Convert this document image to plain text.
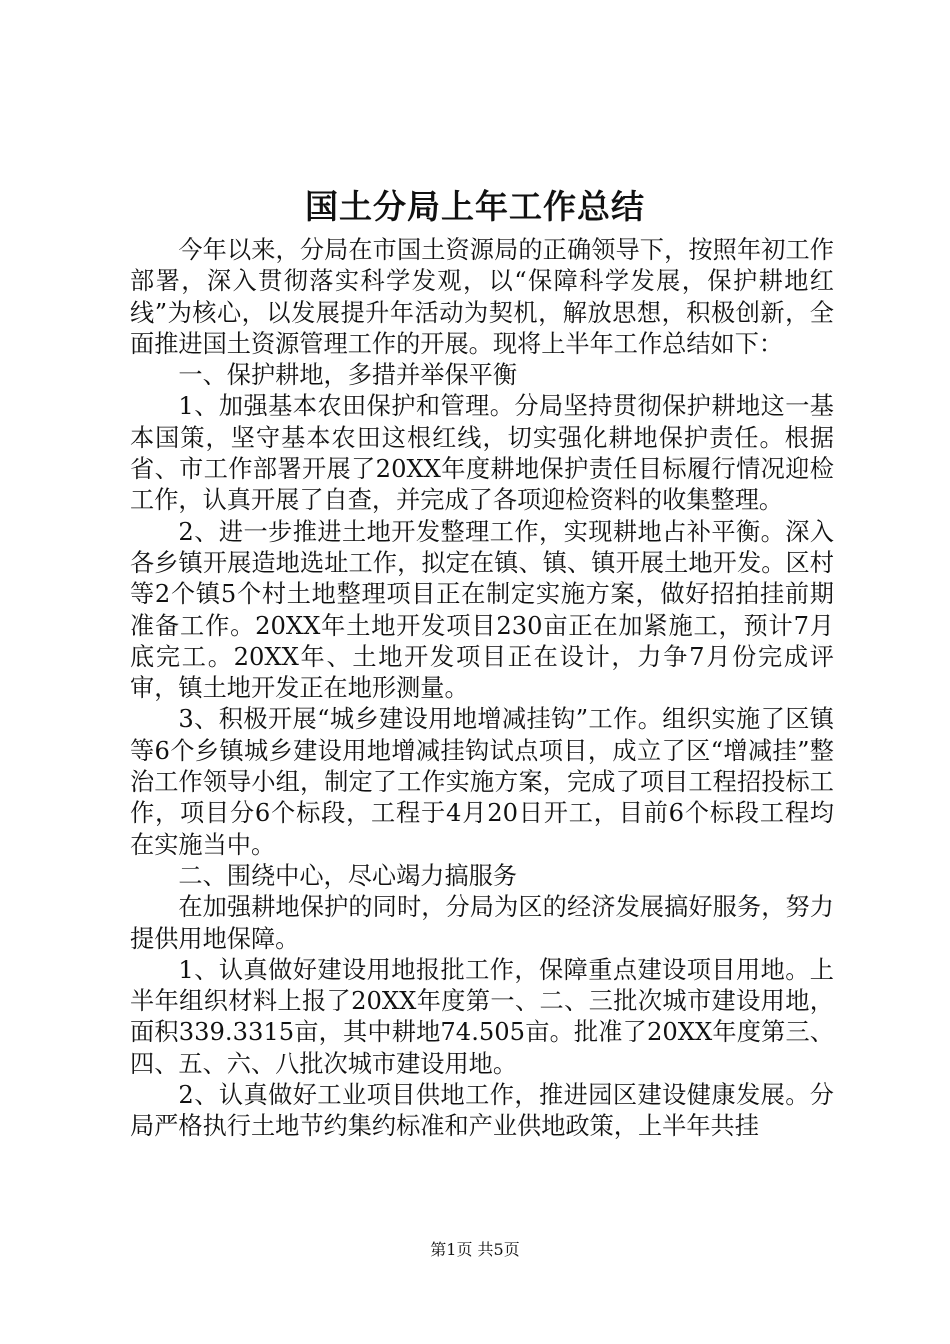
国土分局上年工作总结

今年以来，分局在市国土资源局的正确领导下，按照年初工作部署，深入贯彻落实科学发观，以“保障科学发展，保护耕地红线”为核心，以发展提升年活动为契机，解放思想，积极创新，全面推进国土资源管理工作的开展。现将上半年工作总结如下：

一、保护耕地，多措并举保平衡

1、加强基本农田保护和管理。分局坚持贯彻保护耕地这一基本国策，坚守基本农田这根红线，切实强化耕地保护责任。根据省、市工作部署开展了20XX年度耕地保护责任目标履行情况迎检工作，认真开展了自查，并完成了各项迎检资料的收集整理。

2、进一步推进土地开发整理工作，实现耕地占补平衡。深入各乡镇开展造地选址工作，拟定在镇、镇、镇开展土地开发。区村等2个镇5个村土地整理项目正在制定实施方案，做好招拍挂前期准备工作。20XX年土地开发项目230亩正在加紧施工，预计7月底完工。20XX年、土地开发项目正在设计，力争7月份完成评审，镇土地开发正在地形测量。

3、积极开展“城乡建设用地增减挂钩”工作。组织实施了区镇等6个乡镇城乡建设用地增减挂钩试点项目，成立了区“增减挂”整治工作领导小组，制定了工作实施方案，完成了项目工程招投标工作，项目分6个标段，工程于4月20日开工，目前6个标段工程均在实施当中。

二、围绕中心，尽心竭力搞服务

在加强耕地保护的同时，分局为区的经济发展搞好服务，努力提供用地保障。

1、认真做好建设用地报批工作，保障重点建设项目用地。上半年组织材料上报了20XX年度第一、二、三批次城市建设用地，面积339.3315亩，其中耕地74.505亩。批准了20XX年度第三、四、五、六、八批次城市建设用地。

2、认真做好工业项目供地工作，推进园区建设健康发展。分局严格执行土地节约集约标准和产业供地政策，上半年共挂

第1页 共5页
